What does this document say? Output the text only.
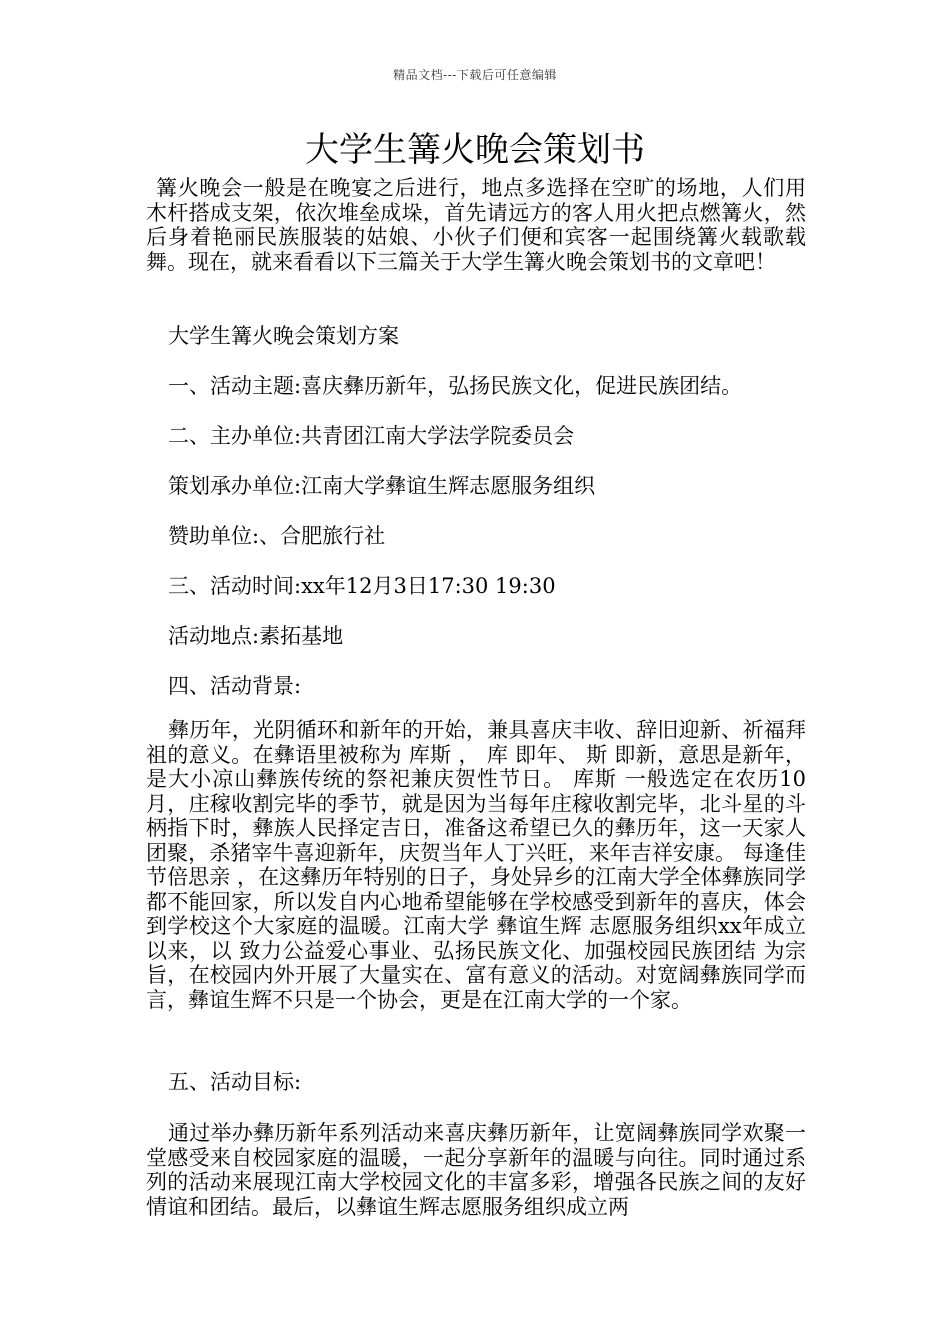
精品文档---下载后可任意编辑
大学生篝火晚会策划书

篝火晚会一般是在晚宴之后进行，地点多选择在空旷的场地，人们用木杆搭成支架，依次堆垒成垛，首先请远方的客人用火把点燃篝火，然后身着艳丽民族服装的姑娘、小伙子们便和宾客一起围绕篝火载歌载舞。现在，就来看看以下三篇关于大学生篝火晚会策划书的文章吧！

大学生篝火晚会策划方案

一、活动主题:喜庆彝历新年，弘扬民族文化，促进民族团结。

二、主办单位:共青团江南大学法学院委员会

策划承办单位:江南大学彝谊生辉志愿服务组织

赞助单位:、合肥旅行社

三、活动时间:xx年12月3日17:30 19:30

活动地点:素拓基地

四、活动背景:

彝历年，光阴循环和新年的开始，兼具喜庆丰收、辞旧迎新、祈福拜祖的意义。在彝语里被称为 库斯 ， 库 即年、 斯 即新，意思是新年，是大小凉山彝族传统的祭祀兼庆贺性节日。 库斯 一般选定在农历10月，庄稼收割完毕的季节，就是因为当每年庄稼收割完毕，北斗星的斗柄指下时，彝族人民择定吉日，准备这希望已久的彝历年，这一天家人团聚，杀猪宰牛喜迎新年，庆贺当年人丁兴旺，来年吉祥安康。 每逢佳节倍思亲 ，在这彝历年特别的日子，身处异乡的江南大学全体彝族同学都不能回家，所以发自内心地希望能够在学校感受到新年的喜庆，体会到学校这个大家庭的温暖。江南大学 彝谊生辉 志愿服务组织xx年成立以来，以 致力公益爱心事业、弘扬民族文化、加强校园民族团结 为宗旨，在校园内外开展了大量实在、富有意义的活动。对宽阔彝族同学而言，彝谊生辉不只是一个协会，更是在江南大学的一个家。

五、活动目标:

通过举办彝历新年系列活动来喜庆彝历新年，让宽阔彝族同学欢聚一堂感受来自校园家庭的温暖，一起分享新年的温暖与向往。同时通过系列的活动来展现江南大学校园文化的丰富多彩，增强各民族之间的友好情谊和团结。最后，以彝谊生辉志愿服务组织成立两
